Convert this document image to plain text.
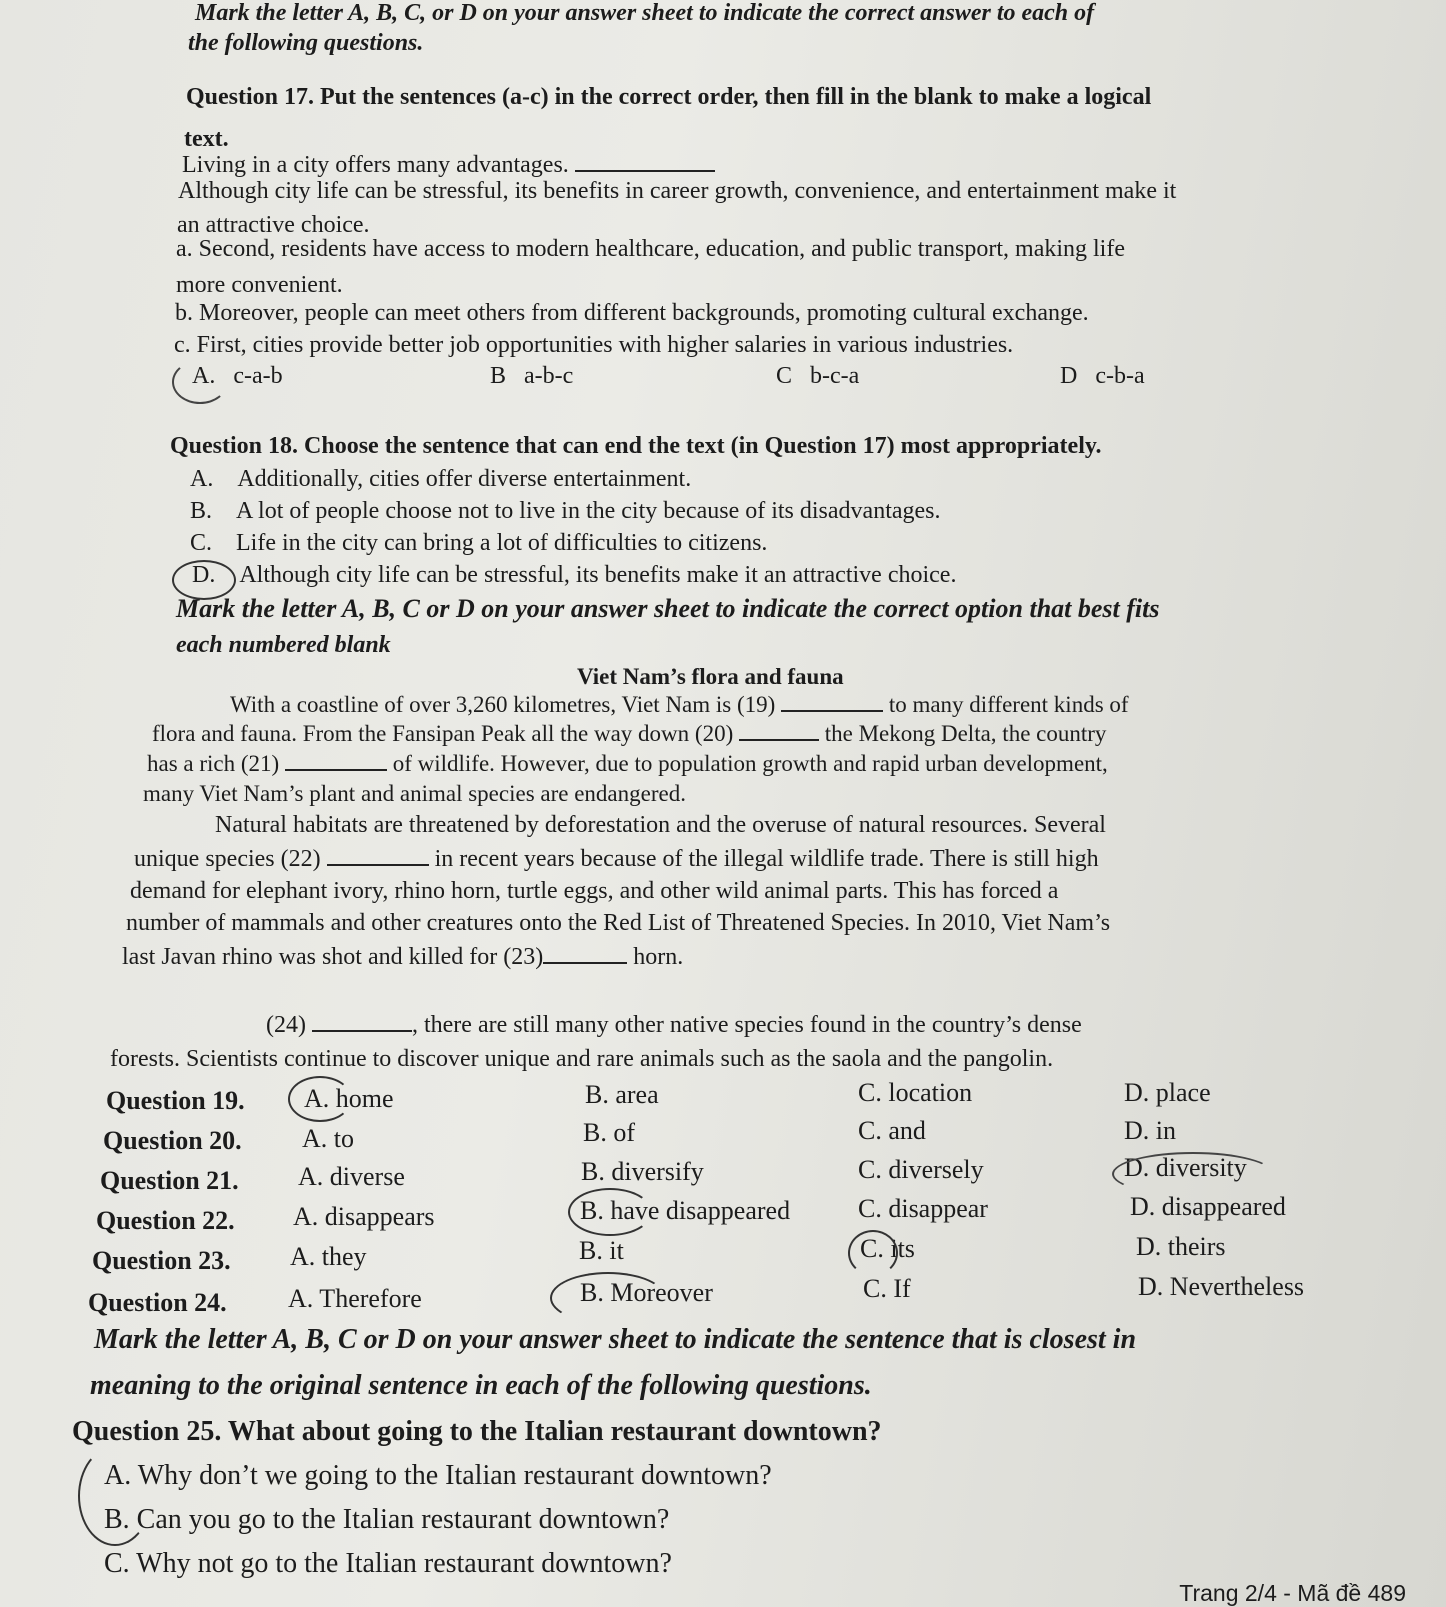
Mark the letter A, B, C, or D on your answer sheet to indicate the correct answer to each of
the following questions.
Question 17. Put the sentences (a-c) in the correct order, then fill in the blank to make a logical
text.
Living in a city offers many advantages.
Although city life can be stressful, its benefits in career growth, convenience, and entertainment make it
an attractive choice.
a. Second, residents have access to modern healthcare, education, and public transport, making life
more convenient.
b. Moreover, people can meet others from different backgrounds, promoting cultural exchange.
c. First, cities provide better job opportunities with higher salaries in various industries.
A. c-a-b	B a-b-c	C b-c-a	D c-b-a
Question 18. Choose the sentence that can end the text (in Question 17) most appropriately.
A. Additionally, cities offer diverse entertainment.
B. A lot of people choose not to live in the city because of its disadvantages.
C. Life in the city can bring a lot of difficulties to citizens.
D. Although city life can be stressful, its benefits make it an attractive choice.
Mark the letter A, B, C or D on your answer sheet to indicate the correct option that best fits
each numbered blank
Viet Nam’s flora and fauna
With a coastline of over 3,260 kilometres, Viet Nam is (19)	to many different kinds of
flora and fauna. From the Fansipan Peak all the way down (20)	the Mekong Delta, the country
has a rich (21)	of wildlife. However, due to population growth and rapid urban development,
many Viet Nam’s plant and animal species are endangered.
Natural habitats are threatened by deforestation and the overuse of natural resources. Several
unique species (22)	in recent years because of the illegal wildlife trade. There is still high
demand for elephant ivory, rhino horn, turtle eggs, and other wild animal parts. This has forced a
number of mammals and other creatures onto the Red List of Threatened Species. In 2010, Viet Nam’s
last Javan rhino was shot and killed for (23)	horn.
(24)	, there are still many other native species found in the country’s dense
forests. Scientists continue to discover unique and rare animals such as the saola and the pangolin.
Question 19. A. home	B. area	C. location	D. place
Question 20. A. to	B. of	C. and	D. in
Question 21. A. diverse	B. diversify	C. diversely	D. diversity
Question 22. A. disappears	B. have disappeared	C. disappear	D. disappeared
Question 23. A. they	B. it	C. its	D. theirs
Question 24. A. Therefore	B. Moreover	C. If	D. Nevertheless
Mark the letter A, B, C or D on your answer sheet to indicate the sentence that is closest in
meaning to the original sentence in each of the following questions.
Question 25. What about going to the Italian restaurant downtown?
A. Why don’t we going to the Italian restaurant downtown?
B. Can you go to the Italian restaurant downtown?
C. Why not go to the Italian restaurant downtown?
Trang 2/4 - Mã đề 489
